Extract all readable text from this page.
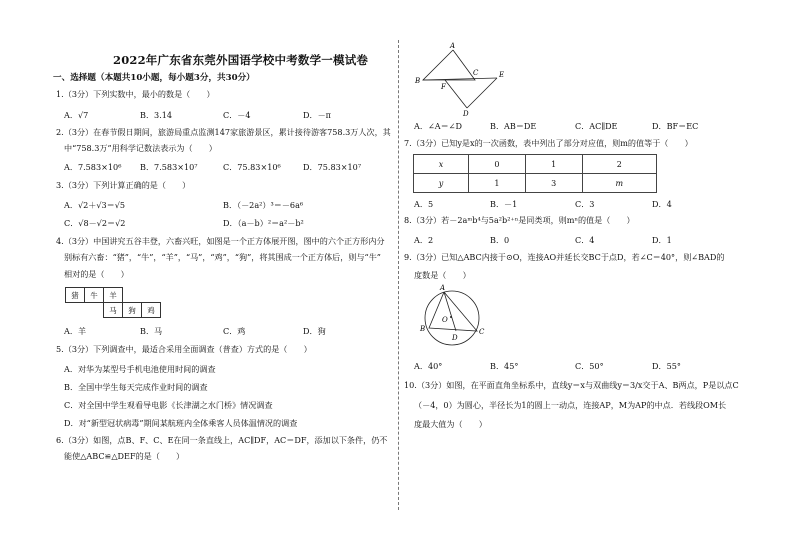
2022年广东省东莞外国语学校中考数学一模试卷
一、选择题（本题共10小题，每小题3分，共30分）
1.（3分）下列实数中，最小的数是（　　）
A．√7	B．3.14	C．－4	D．－π
2.（3分）在春节假日期间，旅游局重点监测147家旅游景区，累计接待游客758.3万人次，其
中“758.3万”用科学记数法表示为（　　）
A．7.583×10⁶ B．7.583×10⁷	C．75.83×10⁶	D．75.83×10⁷
3.（3分）下列计算正确的是（　　）
A．√2＋√3＝√5	B．（－2a²）³＝－6a⁶
C．√8－√2＝√2	D．（a－b）²＝a²－b²
4.（3分）中国讲究五谷丰登，六畜兴旺，如图是一个正方体展开图，图中的六个正方形内分
别标有六畜：“猪”，“牛”，“羊”，“马”，“鸡”，“狗”，将其围成一个正方体后，则与“牛”
相对的是（　　）
猪	牛	羊		
		马	狗	鸡
A．羊	B．马	C．鸡	D．狗
5.（3分）下列调查中，最适合采用全面调查（普查）方式的是（　　）
A．对华为某型号手机电池使用时间的调查
B．全国中学生每天完成作业时间的调查
C．对全国中学生观看导电影《长津湖之水门桥》情况调查
D．对“新型冠状病毒”期间某航班内全体乘客人员体温情况的调查
6.（3分）如图，点B、F、C、E在同一条直线上，AC∥DF，AC＝DF，添加以下条件，仍不
能使△ABC≌△DEF的是（　　）
A
B
F
C	E
D
A．∠A＝∠D	B．AB＝DE	C．AC∥DE	D．BF＝EC
7.（3分）已知y是x的一次函数，表中列出了部分对应值，则m的值等于（　　）
x	0	1	2
y	1	3	m
A．5	B．－1	C．3	D．4
8.（3分）若－2aᵐb⁴与5a²b²⁺ⁿ是同类项，则mⁿ的值是（　　）
A．2	B．0	C．4	D．1
9.（3分）已知△ABC内接于⊙O，连接AO并延长交BC于点D，若∠C＝40°，则∠BAD的
度数是（　　）
A
B	C
O
D
A．40°	B．45°	C．50°	D．55°
10.（3分）如图，在平面直角坐标系中，直线y＝x与双曲线y＝3/x交于A、B两点，P是以点C
（－4，0）为圆心，半径长为1的圆上一动点，连接AP，M为AP的中点．若线段OM长
度最大值为（　　）
